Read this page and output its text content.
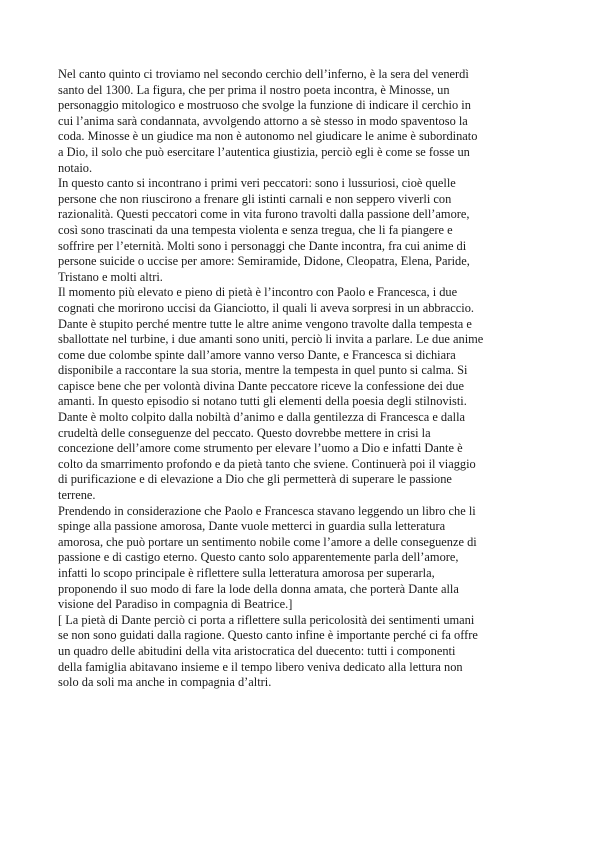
Nel canto quinto ci troviamo nel secondo cerchio dell’inferno, è la sera del venerdì
santo del 1300. La figura, che per prima il nostro poeta incontra, è Minosse, un
personaggio mitologico e mostruoso che svolge la funzione di indicare il cerchio in
cui l’anima sarà condannata, avvolgendo attorno a sè stesso in modo spaventoso la
coda. Minosse è un giudice ma non è autonomo nel giudicare le anime è subordinato
a Dio, il solo che può esercitare l’autentica giustizia, perciò egli è come se fosse un
notaio.
In questo canto si incontrano i primi veri peccatori: sono i lussuriosi, cioè quelle
persone che non riuscirono a frenare gli istinti carnali e non seppero viverli con
razionalità. Questi peccatori come in vita furono travolti dalla passione dell’amore,
così sono trascinati da una tempesta violenta e senza tregua, che li fa piangere e
soffrire per l’eternità. Molti sono i personaggi che Dante incontra, fra cui anime di
persone suicide o uccise per amore: Semiramide, Didone, Cleopatra, Elena, Paride,
Tristano e molti altri.
Il momento più elevato e pieno di pietà è l’incontro con Paolo e Francesca, i due
cognati che morirono uccisi da Gianciotto, il quali li aveva sorpresi in un abbraccio.
Dante è stupito perché mentre tutte le altre anime vengono travolte dalla tempesta e
sballottate nel turbine, i due amanti sono uniti, perciò li invita a parlare. Le due anime
come due colombe spinte dall’amore vanno verso Dante, e Francesca si dichiara
disponibile a raccontare la sua storia, mentre la tempesta in quel punto si calma. Si
capisce bene che per volontà divina Dante peccatore riceve la confessione dei due
amanti. In questo episodio si notano tutti gli elementi della poesia degli stilnovisti.
Dante è molto colpito dalla nobiltà d’animo e dalla gentilezza di Francesca e dalla
crudeltà delle conseguenze del peccato. Questo dovrebbe mettere in crisi la
concezione dell’amore come strumento per elevare l’uomo a Dio e infatti Dante è
colto da smarrimento profondo e da pietà tanto che sviene. Continuerà poi il viaggio
di purificazione e di elevazione a Dio che gli permetterà di superare le passione
terrene.
Prendendo in considerazione che Paolo e Francesca stavano leggendo un libro che li
spinge alla passione amorosa, Dante vuole metterci in guardia sulla letteratura
amorosa, che può portare un sentimento nobile come l’amore a delle conseguenze di
passione e di castigo eterno. Questo canto solo apparentemente parla dell’amore,
infatti lo scopo principale è riflettere sulla letteratura amorosa per superarla,
proponendo il suo modo di fare la lode della donna amata, che porterà Dante alla
visione del Paradiso in compagnia di Beatrice.]
[ La pietà di Dante perciò ci porta a riflettere sulla pericolosità dei sentimenti umani
se non sono guidati dalla ragione. Questo canto infine è importante perché ci fa offre
un quadro delle abitudini della vita aristocratica del duecento: tutti i componenti
della famiglia abitavano insieme e il tempo libero veniva dedicato alla lettura non
solo da soli ma anche in compagnia d’altri.
